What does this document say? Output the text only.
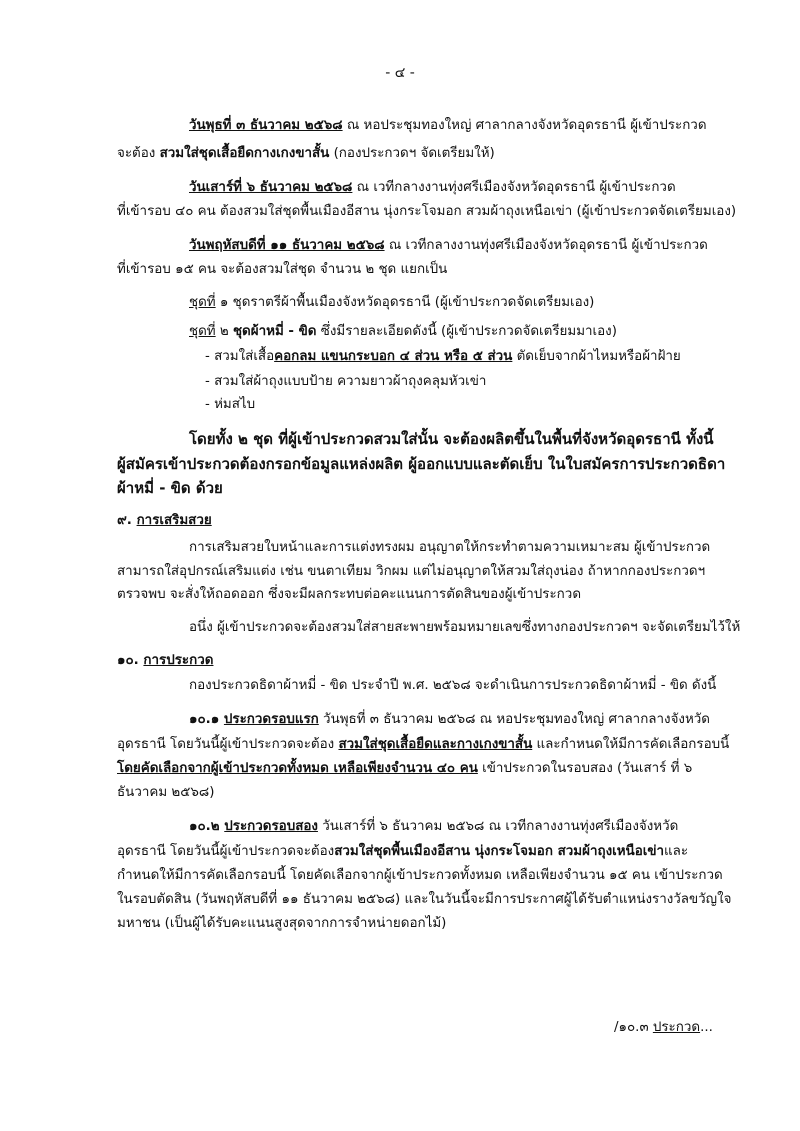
- ๔ -
วันพุธที่ ๓ ธันวาคม ๒๕๖๘ ณ หอประชุมทองใหญ่ ศาลากลางจังหวัดอุดรธานี ผู้เข้าประกวด
จะต้อง สวมใส่ชุดเสื้อยืดกางเกงขาสั้น (กองประกวดฯ จัดเตรียมให้)
วันเสาร์ที่ ๖ ธันวาคม ๒๕๖๘ ณ เวทีกลางงานทุ่งศรีเมืองจังหวัดอุดรธานี ผู้เข้าประกวด
ที่เข้ารอบ ๔๐ คน ต้องสวมใส่ชุดพื้นเมืองอีสาน นุ่งกระโจมอก สวมผ้าถุงเหนือเข่า (ผู้เข้าประกวดจัดเตรียมเอง)
วันพฤหัสบดีที่ ๑๑ ธันวาคม ๒๕๖๘ ณ เวทีกลางงานทุ่งศรีเมืองจังหวัดอุดรธานี ผู้เข้าประกวด
ที่เข้ารอบ ๑๕ คน จะต้องสวมใส่ชุด จำนวน ๒ ชุด แยกเป็น
ชุดที่ ๑ ชุดราตรีผ้าพื้นเมืองจังหวัดอุดรธานี (ผู้เข้าประกวดจัดเตรียมเอง)
ชุดที่ ๒ ชุดผ้าหมี่ - ขิด ซึ่งมีรายละเอียดดังนี้ (ผู้เข้าประกวดจัดเตรียมมาเอง)
- สวมใส่เสื้อคอกลม แขนกระบอก ๔ ส่วน หรือ ๕ ส่วน ตัดเย็บจากผ้าไหมหรือผ้าฝ้าย
- สวมใส่ผ้าถุงแบบป้าย ความยาวผ้าถุงคลุมหัวเข่า
- ห่มสไบ
โดยทั้ง ๒ ชุด ที่ผู้เข้าประกวดสวมใส่นั้น จะต้องผลิตขึ้นในพื้นที่จังหวัดอุดรธานี ทั้งนี้
ผู้สมัครเข้าประกวดต้องกรอกข้อมูลแหล่งผลิต ผู้ออกแบบและตัดเย็บ ในใบสมัครการประกวดธิดา
ผ้าหมี่ - ขิด ด้วย
๙. การเสริมสวย
การเสริมสวยใบหน้าและการแต่งทรงผม อนุญาตให้กระทำตามความเหมาะสม ผู้เข้าประกวด
สามารถใส่อุปกรณ์เสริมแต่ง เช่น ขนตาเทียม วิกผม แต่ไม่อนุญาตให้สวมใส่ถุงน่อง ถ้าหากกองประกวดฯ
ตรวจพบ จะสั่งให้ถอดออก ซึ่งจะมีผลกระทบต่อคะแนนการตัดสินของผู้เข้าประกวด
อนึ่ง ผู้เข้าประกวดจะต้องสวมใส่สายสะพายพร้อมหมายเลขซึ่งทางกองประกวดฯ จะจัดเตรียมไว้ให้
๑๐. การประกวด
กองประกวดธิดาผ้าหมี่ - ขิด ประจำปี พ.ศ. ๒๕๖๘ จะดำเนินการประกวดธิดาผ้าหมี่ - ขิด ดังนี้
๑๐.๑ ประกวดรอบแรก วันพุธที่ ๓ ธันวาคม ๒๕๖๘ ณ หอประชุมทองใหญ่ ศาลากลางจังหวัด
อุดรธานี โดยวันนี้ผู้เข้าประกวดจะต้อง สวมใส่ชุดเสื้อยืดและกางเกงขาสั้น และกำหนดให้มีการคัดเลือกรอบนี้
โดยคัดเลือกจากผู้เข้าประกวดทั้งหมด เหลือเพียงจำนวน ๔๐ คน เข้าประกวดในรอบสอง (วันเสาร์ ที่ ๖
ธันวาคม ๒๕๖๘)
๑๐.๒ ประกวดรอบสอง วันเสาร์ที่ ๖ ธันวาคม ๒๕๖๘ ณ เวทีกลางงานทุ่งศรีเมืองจังหวัด
อุดรธานี โดยวันนี้ผู้เข้าประกวดจะต้องสวมใส่ชุดพื้นเมืองอีสาน นุ่งกระโจมอก สวมผ้าถุงเหนือเข่าและ
กำหนดให้มีการคัดเลือกรอบนี้ โดยคัดเลือกจากผู้เข้าประกวดทั้งหมด เหลือเพียงจำนวน ๑๕ คน เข้าประกวด
ในรอบตัดสิน (วันพฤหัสบดีที่ ๑๑ ธันวาคม ๒๕๖๘) และในวันนี้จะมีการประกาศผู้ได้รับตำแหน่งรางวัลขวัญใจ
มหาชน (เป็นผู้ได้รับคะแนนสูงสุดจากการจำหน่ายดอกไม้)
/๑๐.๓ ประกวด...
